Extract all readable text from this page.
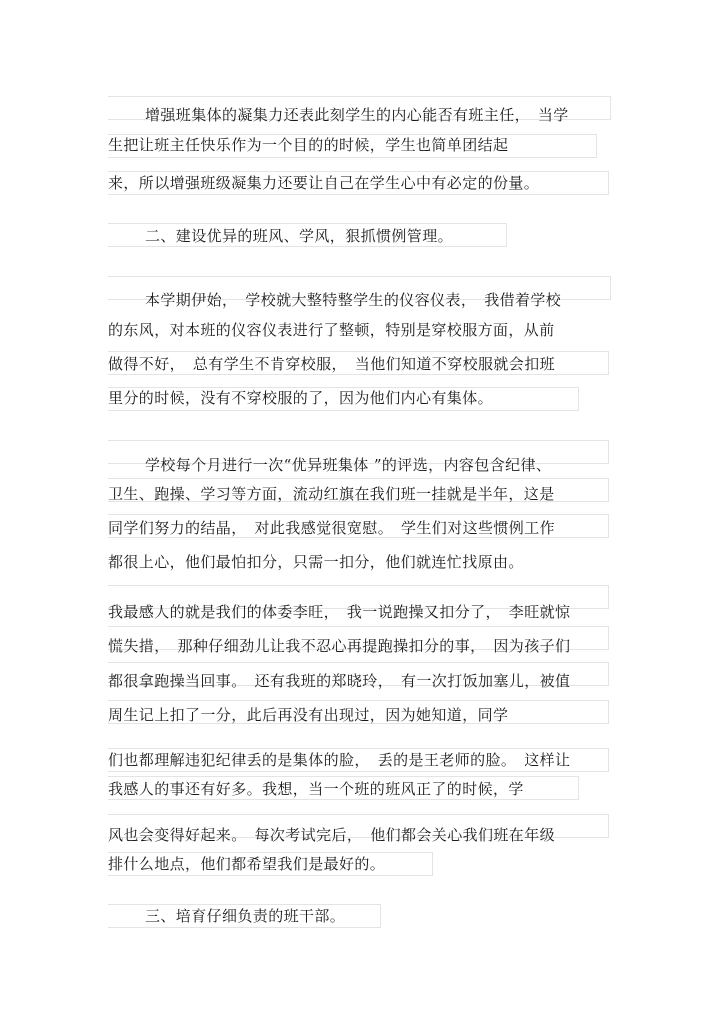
增强班集体的凝集力还表此刻学生的内心能否有班主任，　当学

生把让班主任快乐作为一个目的的时候，学生也简单团结起

来，所以增强班级凝集力还要让自己在学生心中有必定的份量。

二、建设优异的班风、学风，狠抓惯例管理。

本学期伊始，　学校就大整特整学生的仪容仪表，　我借着学校

的东风，对本班的仪容仪表进行了整顿，特别是穿校服方面，从前

做得不好，　总有学生不肯穿校服，　当他们知道不穿校服就会扣班

里分的时候，没有不穿校服的了，因为他们内心有集体。

学校每个月进行一次“优异班集体 ”的评选，内容包含纪律、

卫生、跑操、学习等方面，流动红旗在我们班一挂就是半年，这是

同学们努力的结晶，　对此我感觉很宽慰。　学生们对这些惯例工作

都很上心，他们最怕扣分，只需一扣分，他们就连忙找原由。

我最感人的就是我们的体委李旺，　我一说跑操又扣分了，　李旺就惊

慌失措，　那种仔细劲儿让我不忍心再提跑操扣分的事，　因为孩子们

都很拿跑操当回事。　还有我班的郑晓玲，　有一次打饭加塞儿，被值

周生记上扣了一分，此后再没有出现过，因为她知道，同学

们也都理解违犯纪律丢的是集体的脸，　丢的是王老师的脸。　这样让

我感人的事还有好多。我想，当一个班的班风正了的时候，学

风也会变得好起来。　每次考试完后，　他们都会关心我们班在年级

排什么地点，他们都希望我们是最好的。

三、培育仔细负责的班干部。
